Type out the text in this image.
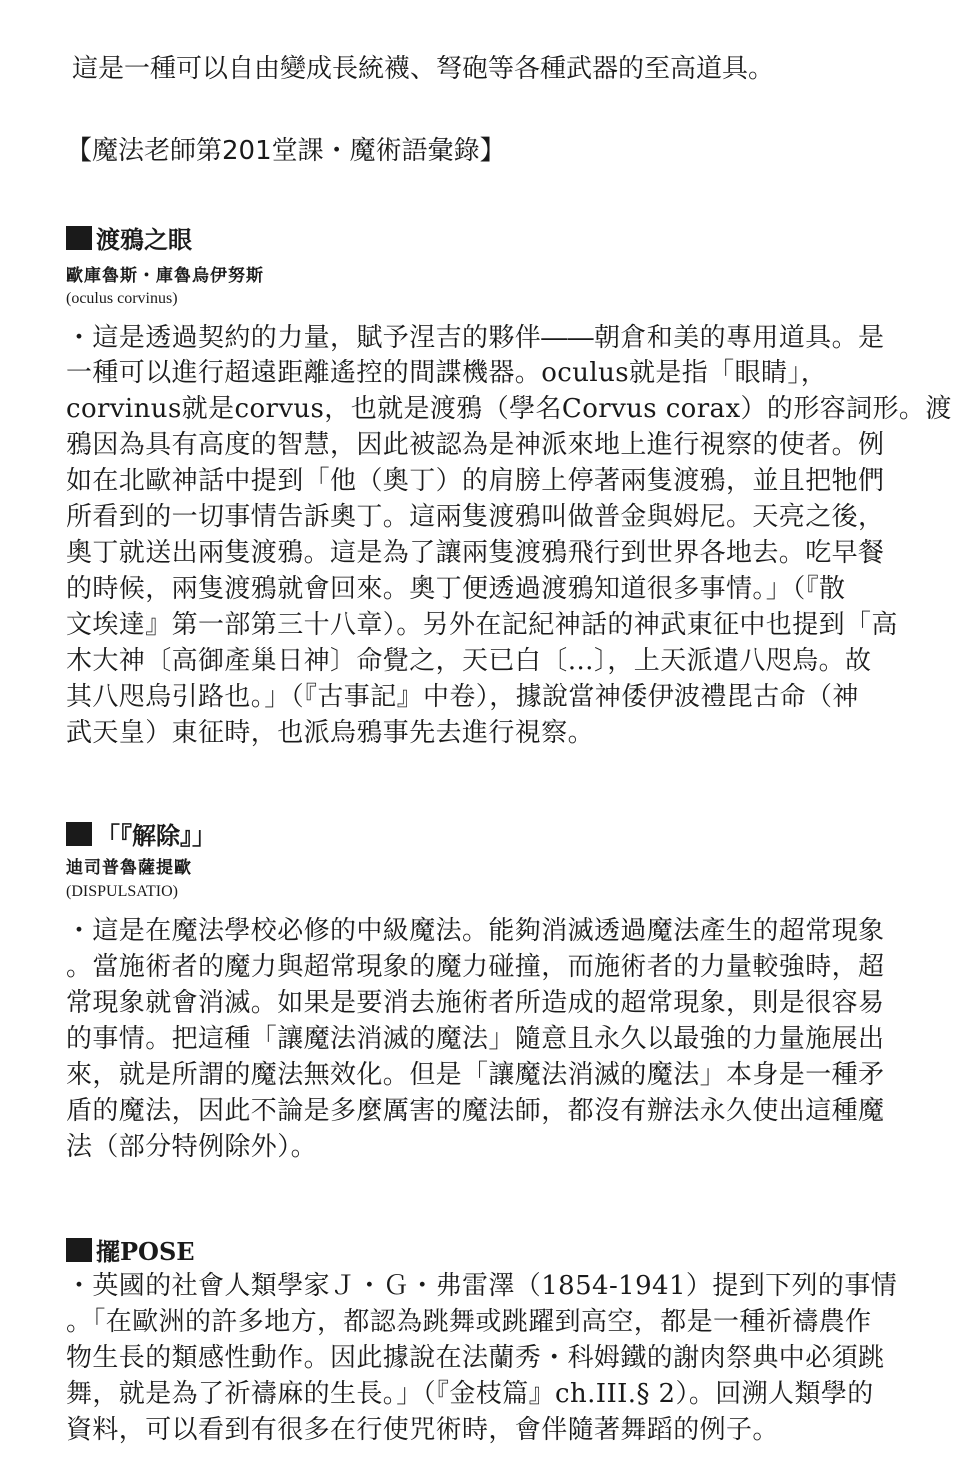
這是一種可以自由變成長統襪、弩砲等各種武器的至高道具。
【魔法老師第201堂課・魔術語彙錄】
渡鴉之眼
歐庫魯斯・庫魯烏伊努斯
(oculus corvinus)
・這是透過契約的力量，賦予涅吉的夥伴――朝倉和美的專用道具。是
一種可以進行超遠距離遙控的間諜機器。oculus就是指「眼睛」，
corvinus就是corvus，也就是渡鴉（學名Corvus corax）的形容詞形。渡
鴉因為具有高度的智慧，因此被認為是神派來地上進行視察的使者。例
如在北歐神話中提到「他（奧丁）的肩膀上停著兩隻渡鴉，並且把牠們
所看到的一切事情告訴奧丁。這兩隻渡鴉叫做普金與姆尼。天亮之後，
奧丁就送出兩隻渡鴉。這是為了讓兩隻渡鴉飛行到世界各地去。吃早餐
的時候，兩隻渡鴉就會回來。奧丁便透過渡鴉知道很多事情。」（『散
文埃達』第一部第三十八章）。另外在記紀神話的神武東征中也提到「高
木大神〔高御產巢日神〕命覺之，天已白〔…〕，上天派遣八咫烏。故
其八咫烏引路也。」（『古事記』中卷），據說當神倭伊波禮毘古命（神
武天皇）東征時，也派烏鴉事先去進行視察。
「『解除』」
迪司普魯薩提歐
(DISPULSATIO)
・這是在魔法學校必修的中級魔法。能夠消滅透過魔法產生的超常現象
。當施術者的魔力與超常現象的魔力碰撞，而施術者的力量較強時，超
常現象就會消滅。如果是要消去施術者所造成的超常現象，則是很容易
的事情。把這種「讓魔法消滅的魔法」隨意且永久以最強的力量施展出
來，就是所謂的魔法無效化。但是「讓魔法消滅的魔法」本身是一種矛
盾的魔法，因此不論是多麼厲害的魔法師，都沒有辦法永久使出這種魔
法（部分特例除外）。
擺POSE
・英國的社會人類學家Ｊ・Ｇ・弗雷澤（1854-1941）提到下列的事情
。「在歐洲的許多地方，都認為跳舞或跳躍到高空，都是一種祈禱農作
物生長的類感性動作。因此據說在法蘭秀・科姆鐵的謝肉祭典中必須跳
舞，就是為了祈禱麻的生長。」（『金枝篇』ch.III.§ 2）。回溯人類學的
資料，可以看到有很多在行使咒術時，會伴隨著舞蹈的例子。
